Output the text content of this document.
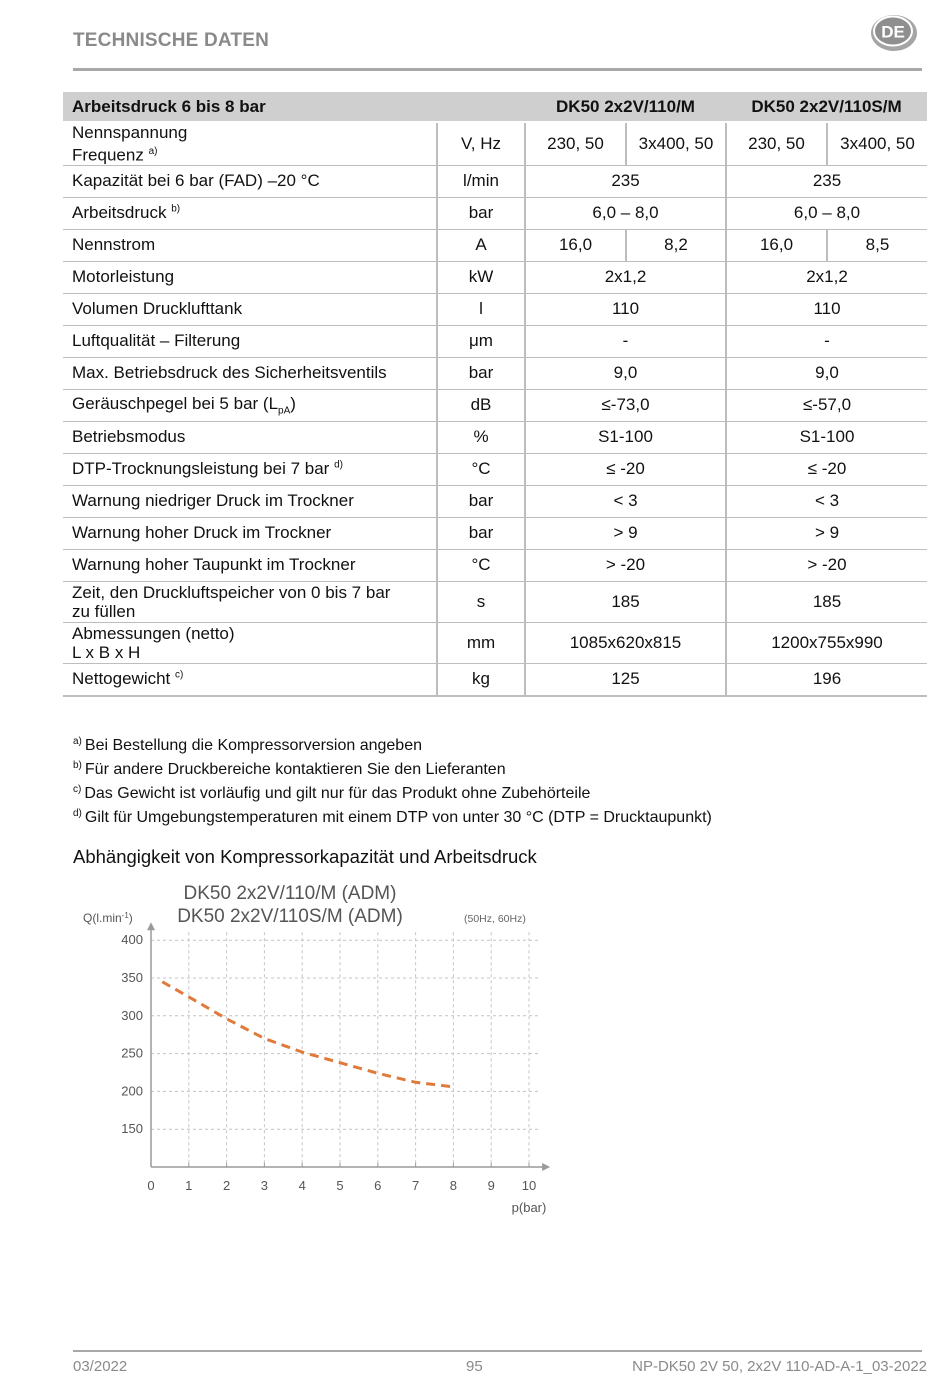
TECHNISCHE DATEN	DE
Arbeitsdruck 6 bis 8 bar		DK50 2x2V/110/M		DK50 2x2V/110S/M	
Nennspannung
Frequenz $^{a)}$	V, Hz	230, 50	3x400, 50	230, 50	3x400, 50
Kapazität bei 6 bar (FAD) –20 °C	l/min	235		235	
Arbeitsdruck $^{b)}$	bar	6,0 – 8,0		6,0 – 8,0	
Nennstrom	A	16,0	8,2	16,0	8,5
Motorleistung	kW	2x1,2		2x1,2	
Volumen Drucklufttank	l	110		110	
Luftqualität – Filterung	μm	-		-	
Max. Betriebsdruck des Sicherheitsventils	bar	9,0		9,0	
Geräuschpegel bei 5 bar $(L_{pA})$	dB	≤-73,0		≤-57,0	
Betriebsmodus	%	S1-100		S1-100	
DTP-Trocknungsleistung bei 7 bar $^{d)}$	°C	≤ -20		≤ -20	
Warnung niedriger Druck im Trockner	bar	< 3		< 3	
Warnung hoher Druck im Trockner	bar	> 9		> 9	
Warnung hoher Taupunkt im Trockner	°C	> -20		> -20	
Zeit, den Druckluftspeicher von 0 bis 7 bar
zu füllen	s	185		185	
Abmessungen (netto)
L x B x H	mm	1085x620x815		1200x755x990	
Nettogewicht $^{c)}$	kg	125		196	
$^{a)}$ Bei Bestellung die Kompressorversion angeben
$^{b)}$ Für andere Druckbereiche kontaktieren Sie den Lieferanten
$^{c)}$ Das Gewicht ist vorläufig und gilt nur für das Produkt ohne Zubehörteile
$^{d)}$ Gilt für Umgebungstemperaturen mit einem DTP von unter 30 °C (DTP = Drucktaupunkt)
Abhängigkeit von Kompressorkapazität und Arbeitsdruck
0 1 2 3 4 5 6 7 8 9 10
150
200
250
300
350
400
DK50 2x2V/110/M (ADM)
DK50 2x2V/110S/M (ADM)	(50Hz, 60Hz)
$Q(l.\min^{-1})$
p(bar)
03/2022	95	NP-DK50 2V 50, 2x2V 110-AD-A-1_03-2022
